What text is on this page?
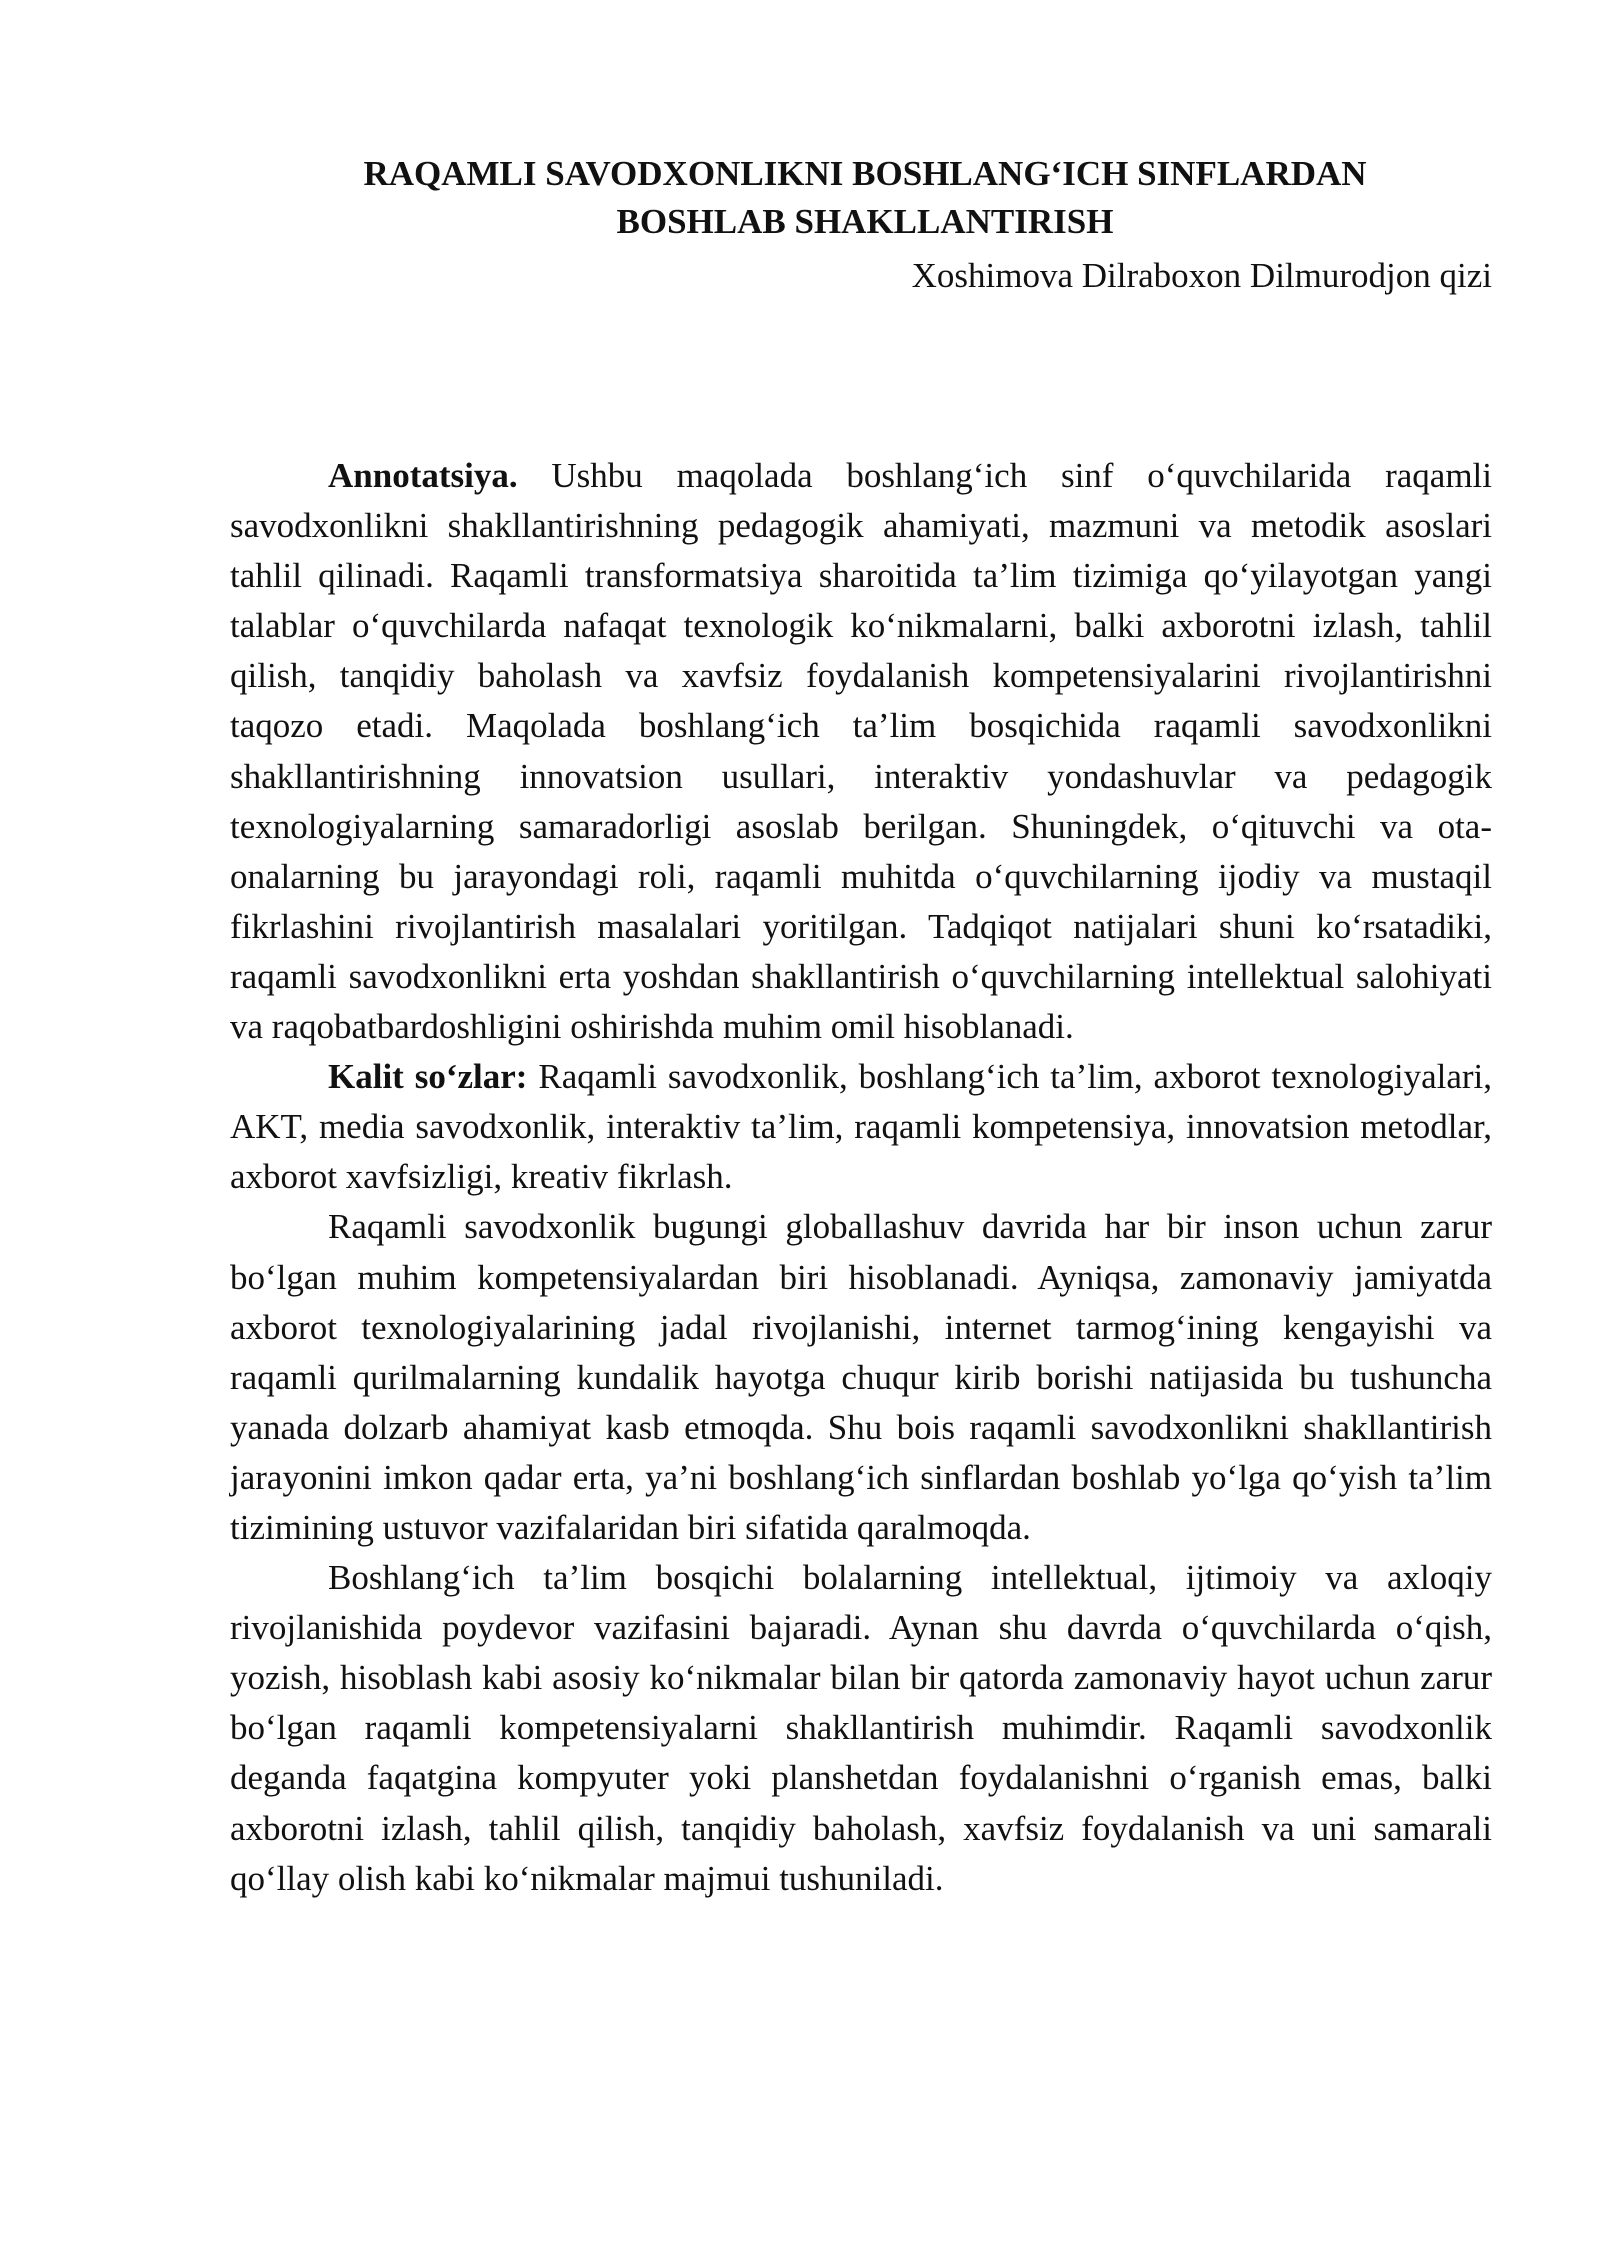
RAQAMLI SAVODXONLIKNI BOSHLANG‘ICH SINFLARDAN
BOSHLAB SHAKLLANTIRISH

Xoshimova Dilraboxon Dilmurodjon qizi

Annotatsiya. Ushbu maqolada boshlang‘ich sinf o‘quvchilarida raqamli savodxonlikni shakllantirishning pedagogik ahamiyati, mazmuni va metodik asoslari tahlil qilinadi. Raqamli transformatsiya sharoitida ta’lim tizimiga qo‘yilayotgan yangi talablar o‘quvchilarda nafaqat texnologik ko‘nikmalarni, balki axborotni izlash, tahlil qilish, tanqidiy baholash va xavfsiz foydalanish kompetensiyalarini rivojlantirishni taqozo etadi. Maqolada boshlang‘ich ta’lim bosqichida raqamli savodxonlikni shakllantirishning innovatsion usullari, interaktiv yondashuvlar va pedagogik texnologiyalarning samaradorligi asoslab berilgan. Shuningdek, o‘qituvchi va ota-onalarning bu jarayondagi roli, raqamli muhitda o‘quvchilarning ijodiy va mustaqil fikrlashini rivojlantirish masalalari yoritilgan. Tadqiqot natijalari shuni ko‘rsatadiki, raqamli savodxonlikni erta yoshdan shakllantirish o‘quvchilarning intellektual salohiyati va raqobatbardoshligini oshirishda muhim omil hisoblanadi.

Kalit so‘zlar: Raqamli savodxonlik, boshlang‘ich ta’lim, axborot texnologiyalari, AKT, media savodxonlik, interaktiv ta’lim, raqamli kompetensiya, innovatsion metodlar, axborot xavfsizligi, kreativ fikrlash.

Raqamli savodxonlik bugungi globallashuv davrida har bir inson uchun zarur bo‘lgan muhim kompetensiyalardan biri hisoblanadi. Ayniqsa, zamonaviy jamiyatda axborot texnologiyalarining jadal rivojlanishi, internet tarmog‘ining kengayishi va raqamli qurilmalarning kundalik hayotga chuqur kirib borishi natijasida bu tushuncha yanada dolzarb ahamiyat kasb etmoqda. Shu bois raqamli savodxonlikni shakllantirish jarayonini imkon qadar erta, ya’ni boshlang‘ich sinflardan boshlab yo‘lga qo‘yish ta’lim tizimining ustuvor vazifalaridan biri sifatida qaralmoqda.

Boshlang‘ich ta’lim bosqichi bolalarning intellektual, ijtimoiy va axloqiy rivojlanishida poydevor vazifasini bajaradi. Aynan shu davrda o‘quvchilarda o‘qish, yozish, hisoblash kabi asosiy ko‘nikmalar bilan bir qatorda zamonaviy hayot uchun zarur bo‘lgan raqamli kompetensiyalarni shakllantirish muhimdir. Raqamli savodxonlik deganda faqatgina kompyuter yoki planshetdan foydalanishni o‘rganish emas, balki axborotni izlash, tahlil qilish, tanqidiy baholash, xavfsiz foydalanish va uni samarali qo‘llay olish kabi ko‘nikmalar majmui tushuniladi.
